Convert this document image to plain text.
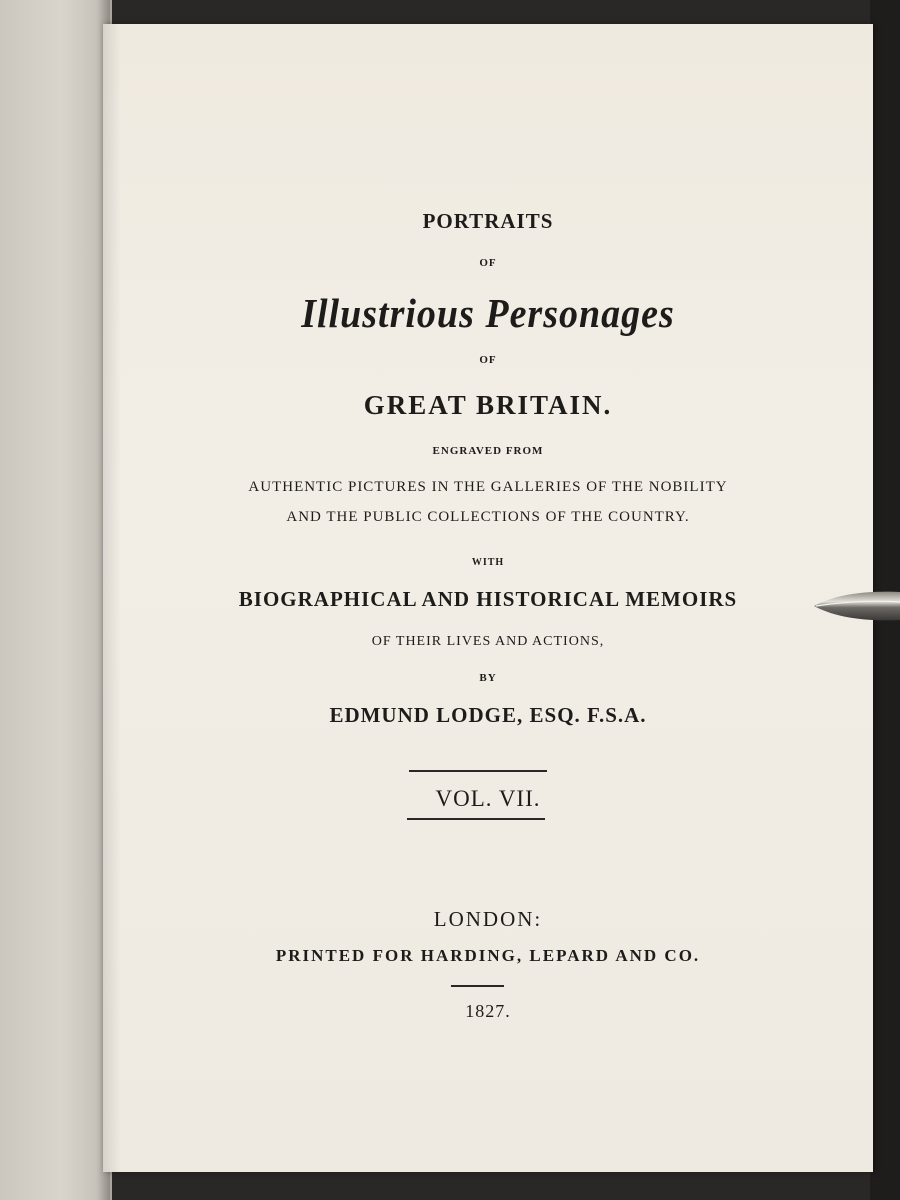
PORTRAITS
OF
Illustrious Personages
OF
GREAT BRITAIN.
ENGRAVED FROM
AUTHENTIC PICTURES IN THE GALLERIES OF THE NOBILITY
AND THE PUBLIC COLLECTIONS OF THE COUNTRY.
WITH
BIOGRAPHICAL AND HISTORICAL MEMOIRS
OF THEIR LIVES AND ACTIONS,
BY
EDMUND LODGE, ESQ. F.S.A.
VOL. VII.
LONDON:
PRINTED FOR HARDING, LEPARD AND CO.
1827.
